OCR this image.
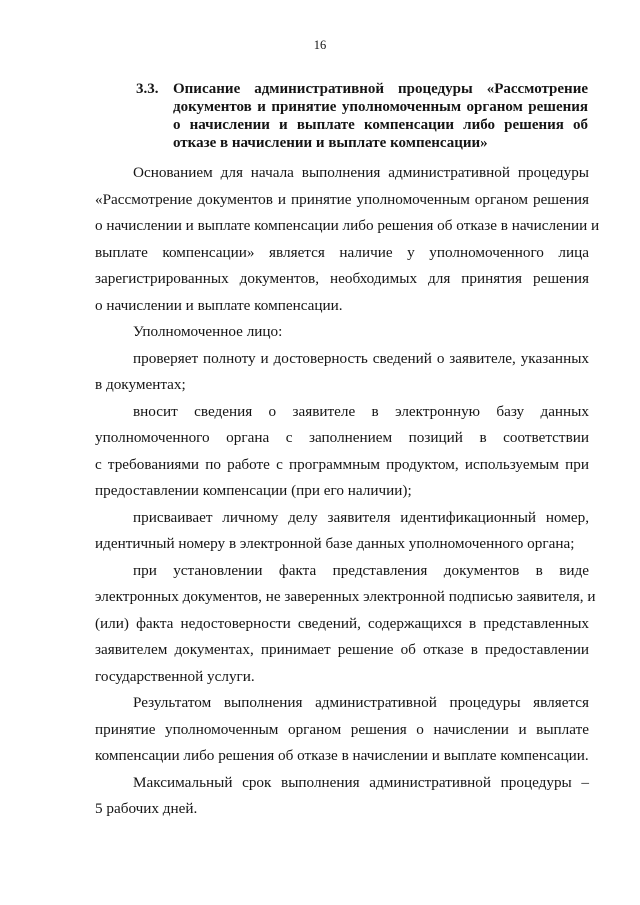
16
3.3. Описание административной процедуры «Рассмотрение
документов и принятие уполномоченным органом решения
о начислении и выплате компенсации либо решения об
отказе в начислении и выплате компенсации»
Основанием для начала выполнения административной процедуры
«Рассмотрение документов и принятие уполномоченным органом решения
о начислении и выплате компенсации либо решения об отказе в начислении и
выплате компенсации» является наличие у уполномоченного лица
зарегистрированных документов, необходимых для принятия решения
о начислении и выплате компенсации.
Уполномоченное лицо:
проверяет полноту и достоверность сведений о заявителе, указанных
в документах;
вносит сведения о заявителе в электронную базу данных
уполномоченного органа с заполнением позиций в соответствии
с требованиями по работе с программным продуктом, используемым при
предоставлении компенсации (при его наличии);
присваивает личному делу заявителя идентификационный номер,
идентичный номеру в электронной базе данных уполномоченного органа;
при установлении факта представления документов в виде
электронных документов, не заверенных электронной подписью заявителя, и
(или) факта недостоверности сведений, содержащихся в представленных
заявителем документах, принимает решение об отказе в предоставлении
государственной услуги.
Результатом выполнения административной процедуры является
принятие уполномоченным органом решения о начислении и выплате
компенсации либо решения об отказе в начислении и выплате компенсации.
Максимальный срок выполнения административной процедуры –
5 рабочих дней.
